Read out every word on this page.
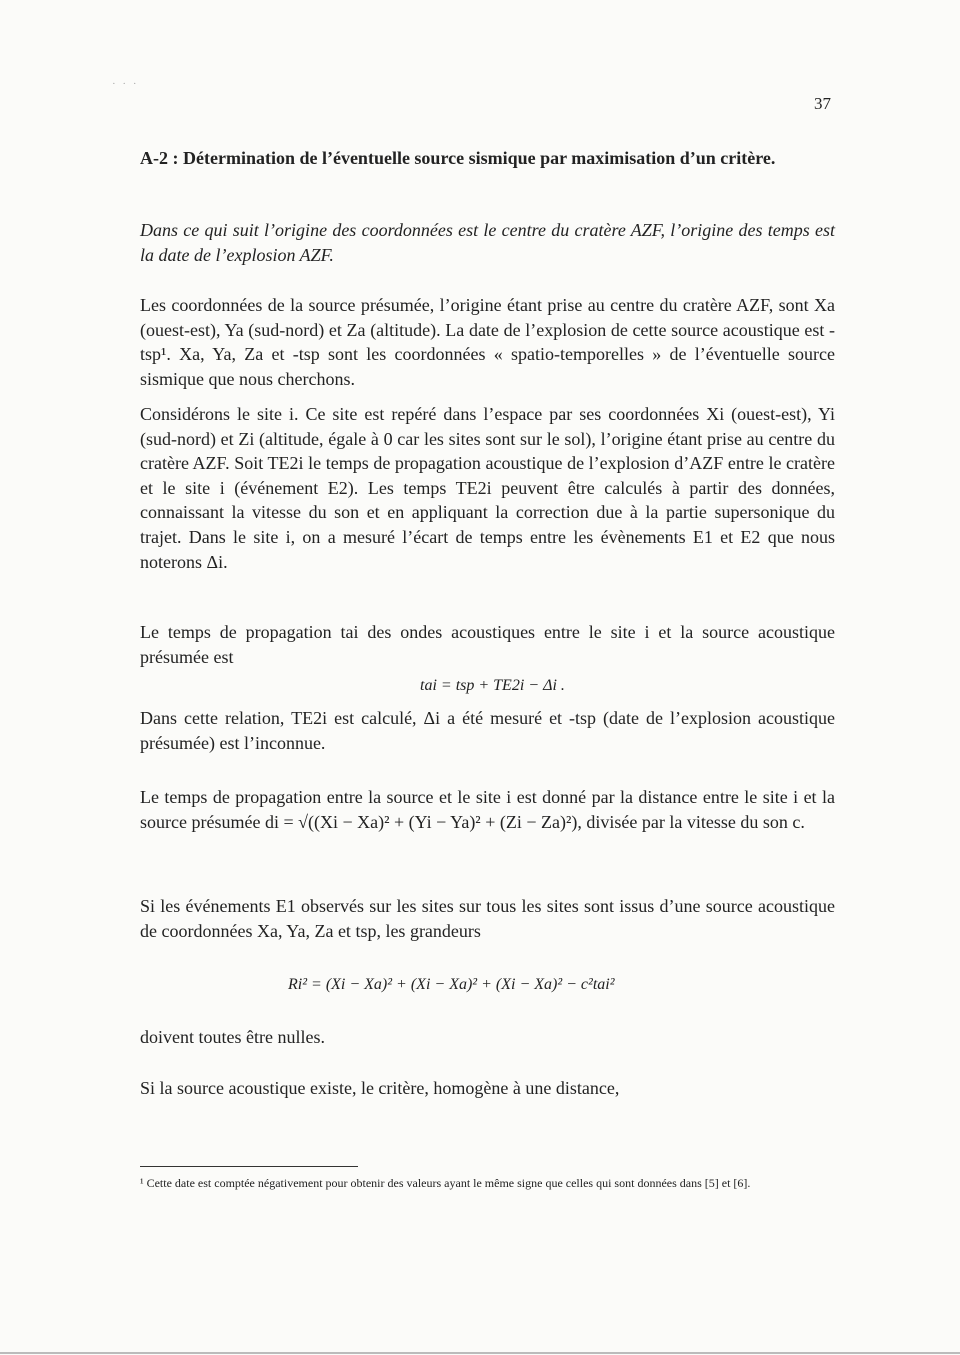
· · ·
37
A-2 : Détermination de l’éventuelle source sismique par maximisation d’un critère.
Dans ce qui suit l’origine des coordonnées est le centre du cratère AZF, l’origine des temps est la date de l’explosion AZF.
Les coordonnées de la source présumée, l’origine étant prise au centre du cratère AZF, sont Xa (ouest-est), Ya (sud-nord) et Za (altitude). La date de l’explosion de cette source acoustique est -tsp¹. Xa, Ya, Za et -tsp sont les coordonnées « spatio-temporelles » de l’éventuelle source sismique que nous cherchons.
Considérons le site i. Ce site est repéré dans l’espace par ses coordonnées Xi (ouest-est), Yi (sud-nord) et Zi (altitude, égale à 0 car les sites sont sur le sol), l’origine étant prise au centre du cratère AZF. Soit TE2i le temps de propagation acoustique de l’explosion d’AZF entre le cratère et le site i (événement E2). Les temps TE2i peuvent être calculés à partir des données, connaissant la vitesse du son et en appliquant la correction due à la partie supersonique du trajet. Dans le site i, on a mesuré l’écart de temps entre les évènements E1 et E2 que nous noterons Δi.
Le temps de propagation tai des ondes acoustiques entre le site i et la source acoustique présumée est
tai = tsp + TE2i − Δi .
Dans cette relation, TE2i est calculé, Δi a été mesuré et -tsp (date de l’explosion acoustique présumée) est l’inconnue.
Le temps de propagation entre la source et le site i est donné par la distance entre le site i et la source présumée di = √((Xi − Xa)² + (Yi − Ya)² + (Zi − Za)²), divisée par la vitesse du son c.
Si les événements E1 observés sur les sites sur tous les sites sont issus d’une source acoustique de coordonnées Xa, Ya, Za et tsp, les grandeurs
Ri² = (Xi − Xa)² + (Xi − Xa)² + (Xi − Xa)² − c²tai²
doivent toutes être nulles.
Si la source acoustique existe, le critère, homogène à une distance,
¹ Cette date est comptée négativement pour obtenir des valeurs ayant le même signe que celles qui sont données dans [5] et [6].
